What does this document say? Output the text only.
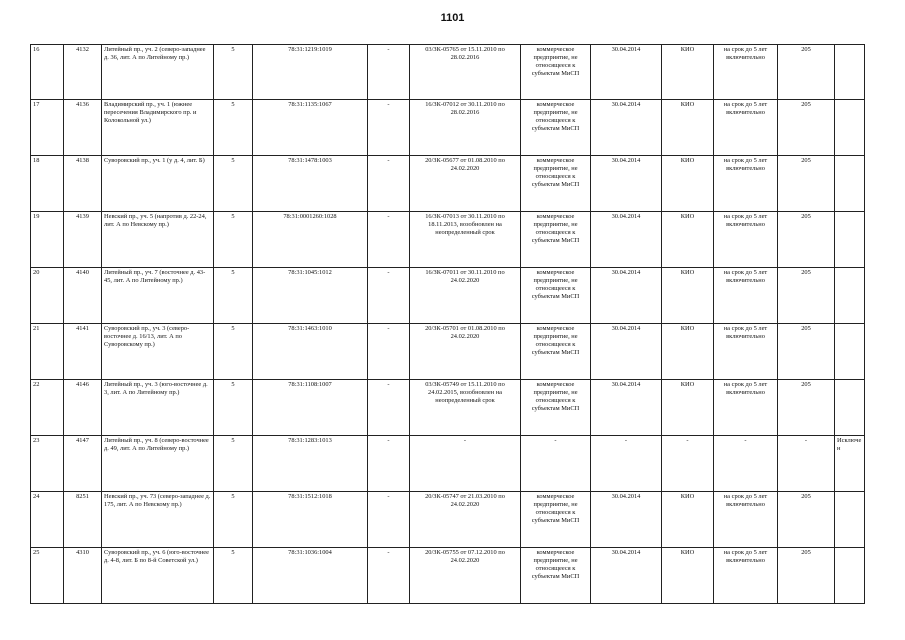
1101
16	4132	Литейный пр., уч. 2 (северо-западнее д. 36, лит. А по Литейному пр.)	5	78:31:1219:1019	-	03/ЗК-05765 от 15.11.2010 по 28.02.2016	коммерческое предприятие, не относящееся к субъектам МиСП	30.04.2014	КИО	на срок до 5 лет включительно	205	
17	4136	Владимирский пр., уч. 1 (южнее пересечения Владимирского пр. и Колокольной ул.)	5	78:31:1135:1067	-	16/ЗК-07012 от 30.11.2010 по 28.02.2016	коммерческое предприятие, не относящееся к субъектам МиСП	30.04.2014	КИО	на срок до 5 лет включительно	205	
18	4138	Суворовский пр., уч. 1 (у д. 4, лит. Б)	5	78:31:1478:1003	-	20/ЗК-05677 от 01.08.2010 по 24.02.2020	коммерческое предприятие, не относящееся к субъектам МиСП	30.04.2014	КИО	на срок до 5 лет включительно	205	
19	4139	Невский пр., уч. 5 (напротив д. 22-24, лит. А по Невскому пр.)	5	78:31:0001260:1028	-	16/ЗК-07013 от 30.11.2010 по 18.11.2013, возобновлен на неопределенный срок	коммерческое предприятие, не относящееся к субъектам МиСП	30.04.2014	КИО	на срок до 5 лет включительно	205	
20	4140	Литейный пр., уч. 7 (восточнее д. 43-45, лит. А по Литейному пр.)	5	78:31:1045:1012	-	16/ЗК-07011 от 30.11.2010 по 24.02.2020	коммерческое предприятие, не относящееся к субъектам МиСП	30.04.2014	КИО	на срок до 5 лет включительно	205	
21	4141	Суворовский пр., уч. 3 (северо-восточнее д. 16/13, лит. А по Суворовскому пр.)	5	78:31:1463:1010	-	20/ЗК-05701 от 01.08.2010 по 24.02.2020	коммерческое предприятие, не относящееся к субъектам МиСП	30.04.2014	КИО	на срок до 5 лет включительно	205	
22	4146	Литейный пр., уч. 3 (юго-восточнее д. 3, лит. А по Литейному пр.)	5	78:31:1108:1007	-	03/ЗК-05749 от 15.11.2010 по 24.02.2015, возобновлен на неопределенный срок	коммерческое предприятие, не относящееся к субъектам МиСП	30.04.2014	КИО	на срок до 5 лет включительно	205	
23	4147	Литейный пр., уч. 8 (северо-восточнее д. 49, лит. А по Литейному пр.)	5	78:31:1283:1013	-	-	-	-	-	-	-	Исключен
24	8251	Невский пр., уч. 73 (северо-западнее д. 175, лит. А по Невскому пр.)	5	78:31:1512:1018	-	20/ЗК-05747 от 21.03.2010 по 24.02.2020	коммерческое предприятие, не относящееся к субъектам МиСП	30.04.2014	КИО	на срок до 5 лет включительно	205	
25	4310	Суворовский пр., уч. 6 (юго-восточнее д. 4-8, лит. Б по 8-й Советской ул.)	5	78:31:1036:1004	-	20/ЗК-05755 от 07.12.2010 по 24.02.2020	коммерческое предприятие, не относящееся к субъектам МиСП	30.04.2014	КИО	на срок до 5 лет включительно	205	
